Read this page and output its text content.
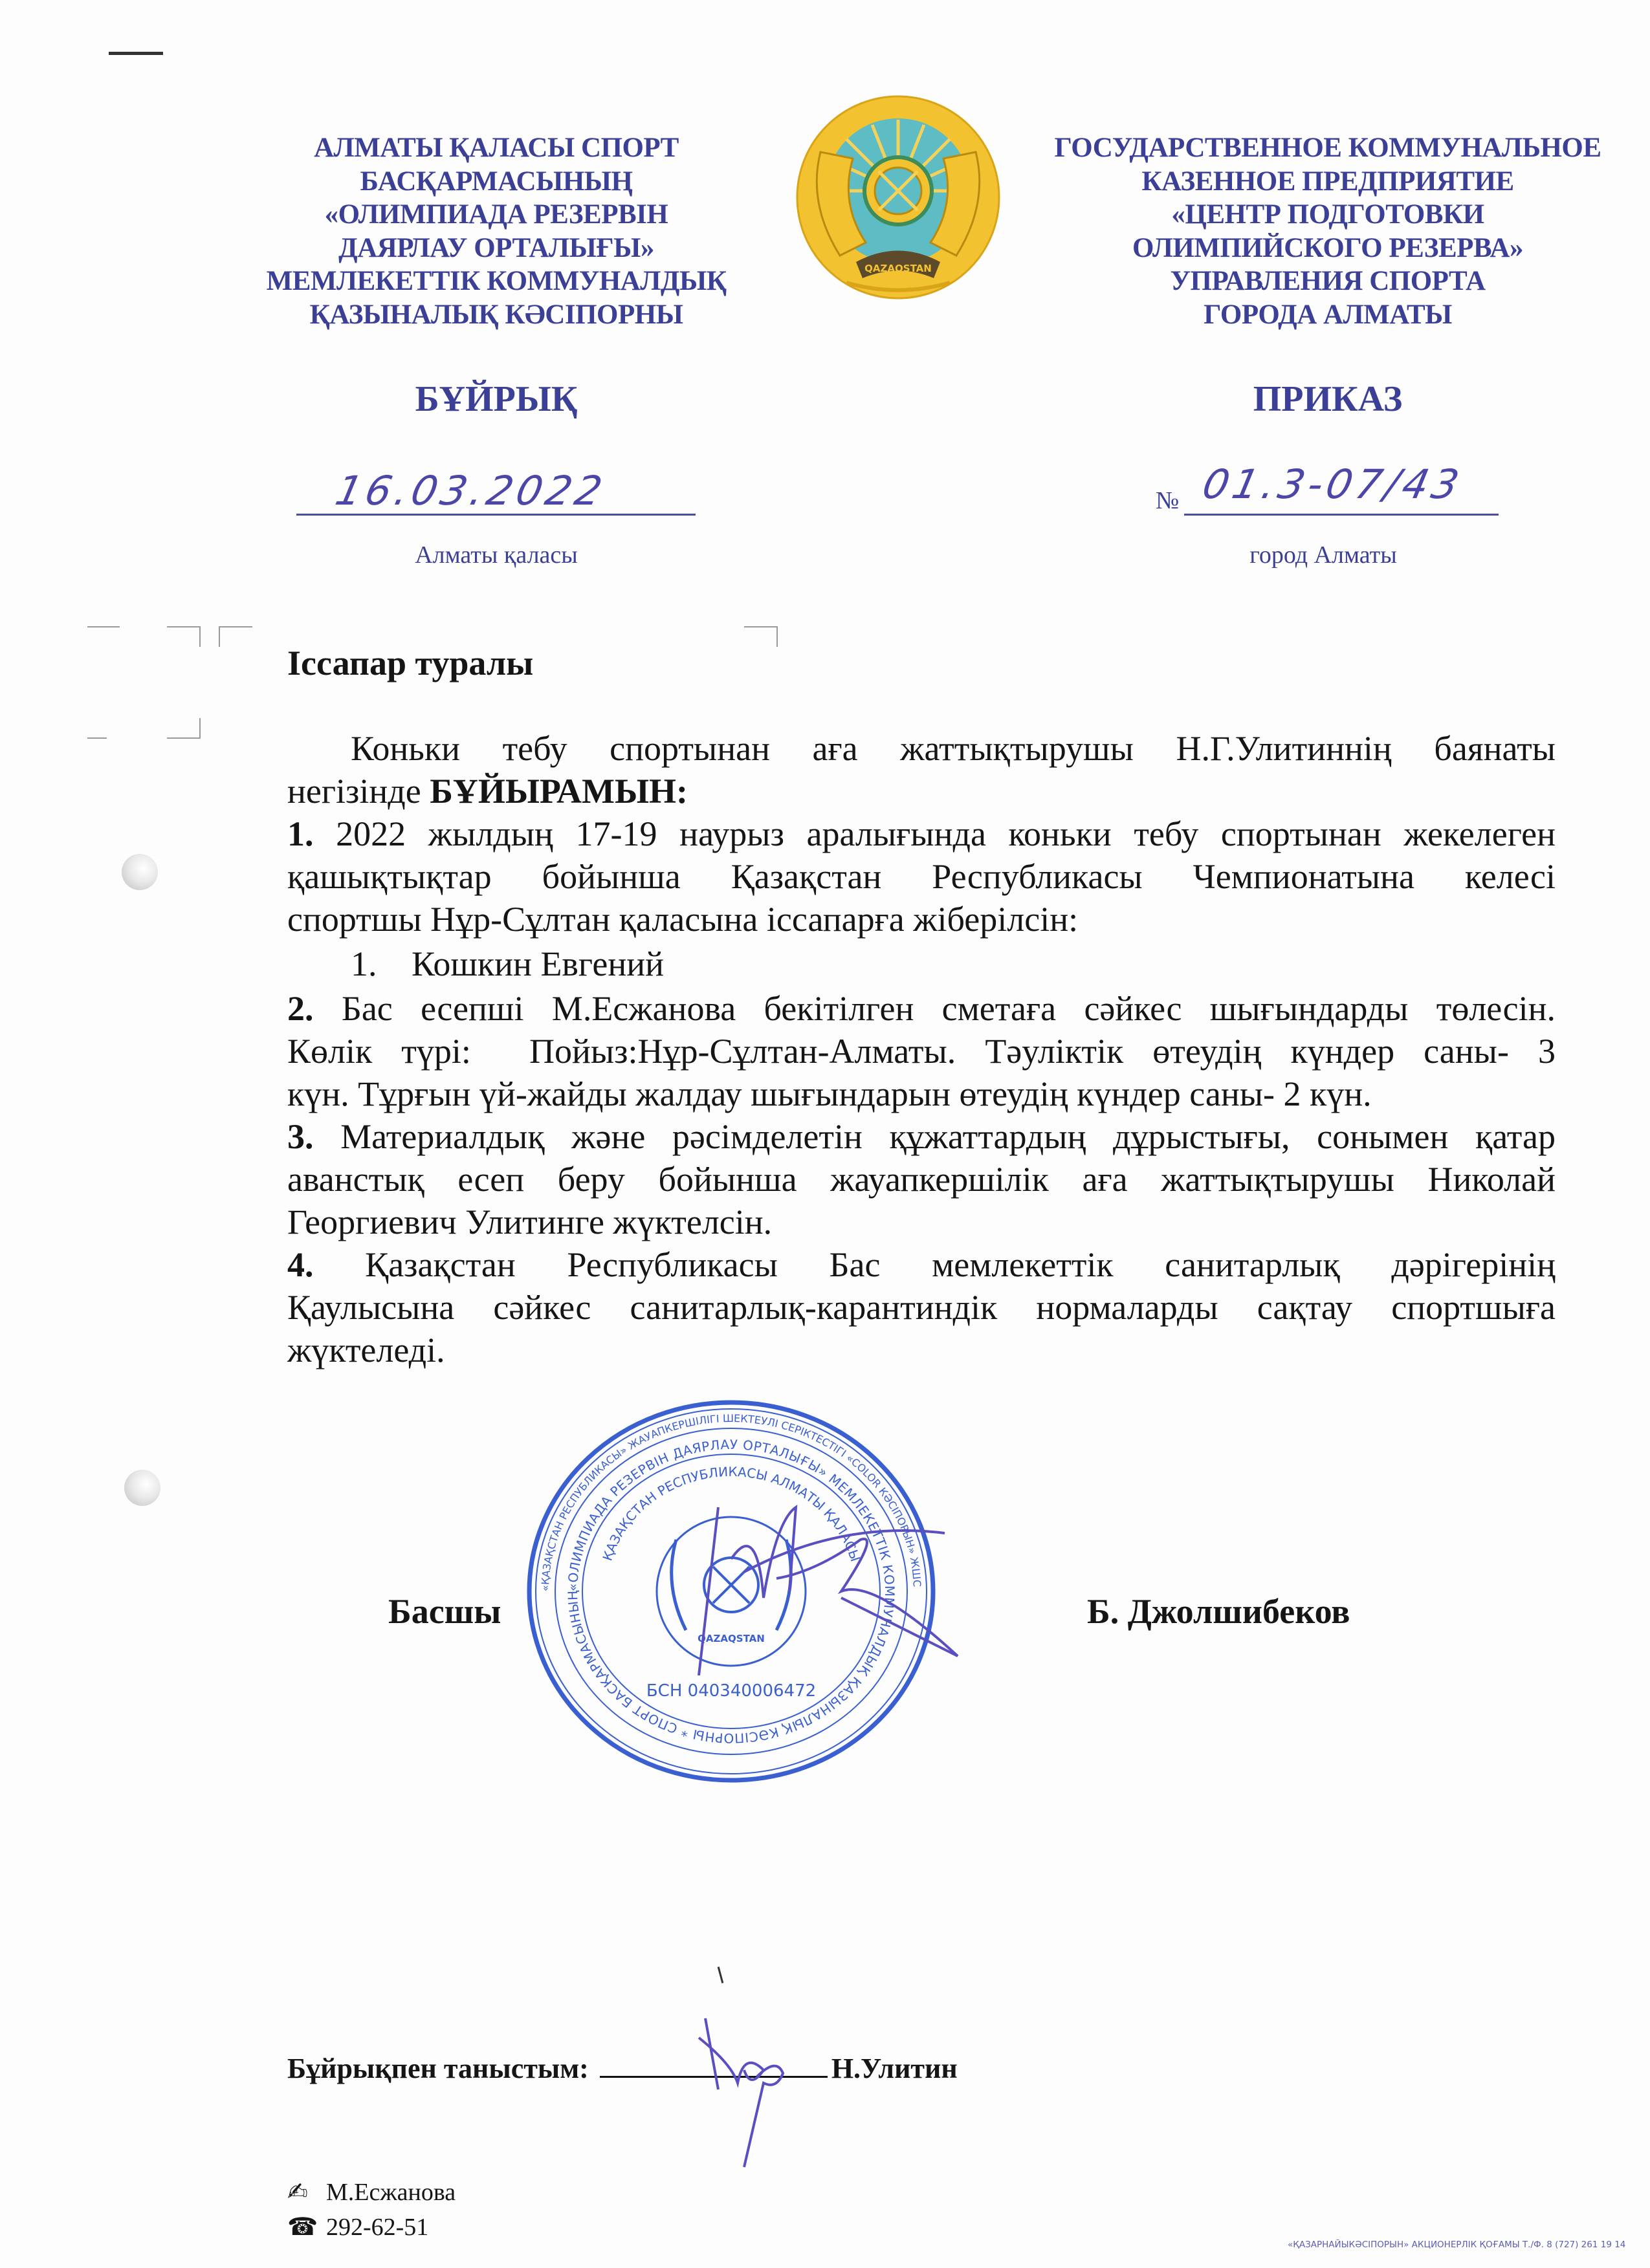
АЛМАТЫ ҚАЛАСЫ СПОРТ
БАСҚАРМАСЫНЫҢ
«ОЛИМПИАДА РЕЗЕРВІН
ДАЯРЛАУ ОРТАЛЫҒЫ»
МЕМЛЕКЕТТІК КОММУНАЛДЫҚ
ҚАЗЫНАЛЫҚ КӘСІПОРНЫ
QAZAQSTAN
ГОСУДАРСТВЕННОЕ КОММУНАЛЬНОЕ
КАЗЕННОЕ ПРЕДПРИЯТИЕ
«ЦЕНТР ПОДГОТОВКИ
ОЛИМПИЙСКОГО РЕЗЕРВА»
УПРАВЛЕНИЯ СПОРТА
ГОРОДА АЛМАТЫ
БҰЙРЫҚ	ПРИКАЗ
16.03.2022	№ 01.3-07/43
Алматы қаласы	город Алматы
Іссапар туралы
Коньки тебу спортынан аға жаттықтырушы Н.Г.Улитиннің баянаты
негізінде БҰЙЫРАМЫН:
1. 2022 жылдың 17-19 наурыз аралығында коньки тебу спортынан жекелеген
қашықтықтар бойынша Қазақстан Республикасы Чемпионатына келесі
спортшы Нұр-Сұлтан қаласына іссапарға жіберілсін:
1. Кошкин Евгений
2. Бас есепші М.Есжанова бекітілген сметаға сәйкес шығындарды төлесін.
Көлік түрі:  Пойыз:Нұр-Сұлтан-Алматы. Тәуліктік өтеудің күндер саны- 3
күн. Тұрғын үй-жайды жалдау шығындарын өтеудің күндер саны- 2 күн.
3. Материалдық және рәсімделетін құжаттардың дұрыстығы, сонымен қатар
аванстық есеп беру бойынша жауапкершілік аға жаттықтырушы Николай
Георгиевич Улитинге жүктелсін.
4. Қазақстан Республикасы Бас мемлекеттік санитарлық дәрігерінің
Қаулысына сәйкес санитарлық-карантиндік нормаларды сақтау спортшыға
жүктеледі.
Басшы	Б. Джолшибеков
«ҚАЗАҚСТАН РЕСПУБЛИКАСЫ» ЖАУАПКЕРШІЛІГІ ШЕКТЕУЛІ СЕРІКТЕСТІГІ «COLOR КӘСІПОРЫН» ЖШС
«ОЛИМПИАДА РЕЗЕРВІН ДАЯРЛАУ ОРТАЛЫҒЫ» МЕМЛЕКЕТТІК КОММУНАЛДЫҚ ҚАЗЫНАЛЫҚ КӘСІПОРНЫ * СПОРТ БАСҚАРМАСЫНЫҢ
ҚАЗАҚСТАН РЕСПУБЛИКАСЫ АЛМАТЫ ҚАЛАСЫ
QAZAQSTAN
БСН 040340006472
Бұйрықпен таныстым:	Н.Улитин
✍ М.Есжанова
☎ 292-62-51
«ҚАЗАРНАЙЫКӘСІПОРЫН» АКЦИОНЕРЛІК ҚОҒАМЫ Т./Ф. 8 (727) 261 19 14
